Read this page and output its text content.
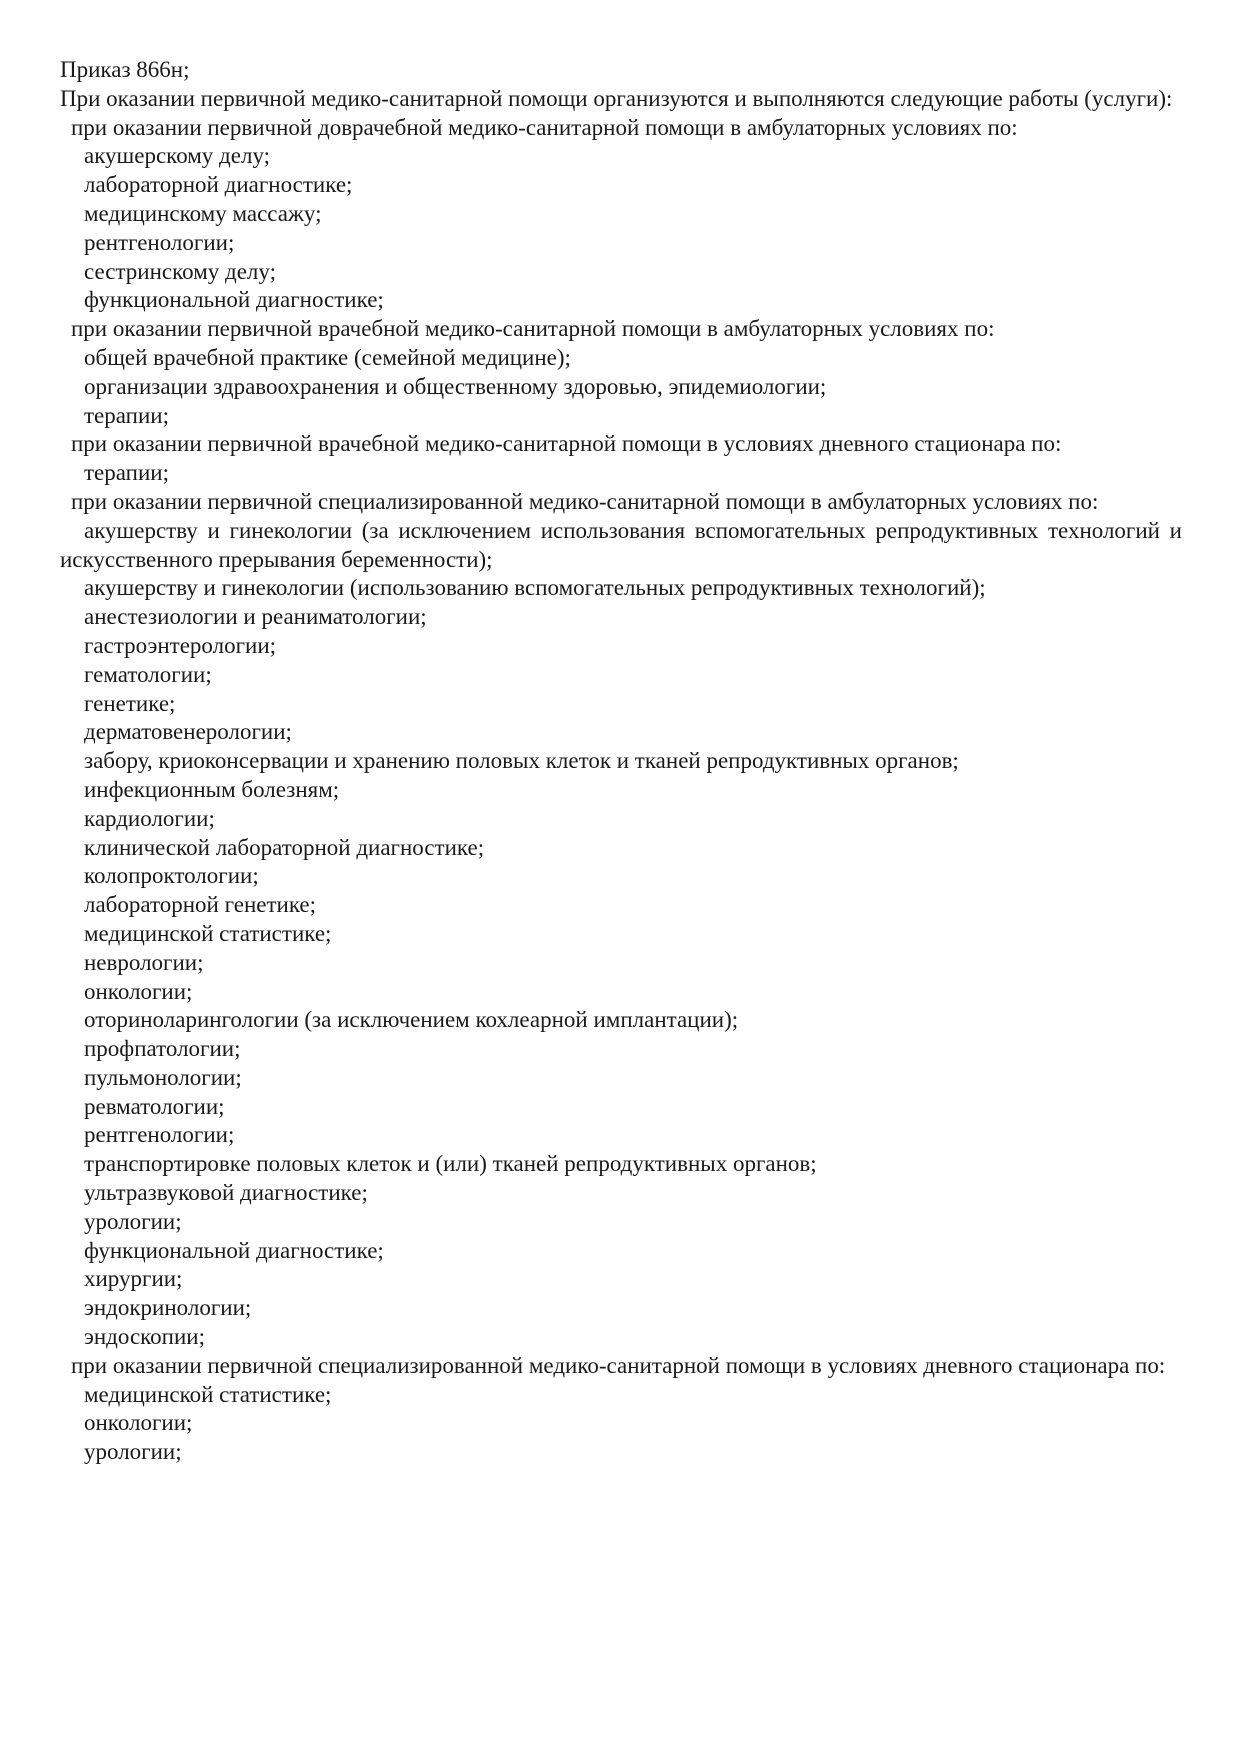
Приказ 866н;

При оказании первичной медико-санитарной помощи организуются и выполняются следующие работы (услуги):

при оказании первичной доврачебной медико-санитарной помощи в амбулаторных условиях по:

акушерскому делу;

лабораторной диагностике;

медицинскому массажу;

рентгенологии;

сестринскому делу;

функциональной диагностике;

при оказании первичной врачебной медико-санитарной помощи в амбулаторных условиях по:

общей врачебной практике (семейной медицине);

организации здравоохранения и общественному здоровью, эпидемиологии;

терапии;

при оказании первичной врачебной медико-санитарной помощи в условиях дневного стационара по:

терапии;

при оказании первичной специализированной медико-санитарной помощи в амбулаторных условиях по:

акушерству и гинекологии (за исключением использования вспомогательных репродуктивных технологий и искусственного прерывания беременности);

акушерству и гинекологии (использованию вспомогательных репродуктивных технологий);

анестезиологии и реаниматологии;

гастроэнтерологии;

гематологии;

генетике;

дерматовенерологии;

забору, криоконсервации и хранению половых клеток и тканей репродуктивных органов;

инфекционным болезням;

кардиологии;

клинической лабораторной диагностике;

колопроктологии;

лабораторной генетике;

медицинской статистике;

неврологии;

онкологии;

оториноларингологии (за исключением кохлеарной имплантации);

профпатологии;

пульмонологии;

ревматологии;

рентгенологии;

транспортировке половых клеток и (или) тканей репродуктивных органов;

ультразвуковой диагностике;

урологии;

функциональной диагностике;

хирургии;

эндокринологии;

эндоскопии;

при оказании первичной специализированной медико-санитарной помощи в условиях дневного стационара по:

медицинской статистике;

онкологии;

урологии;
